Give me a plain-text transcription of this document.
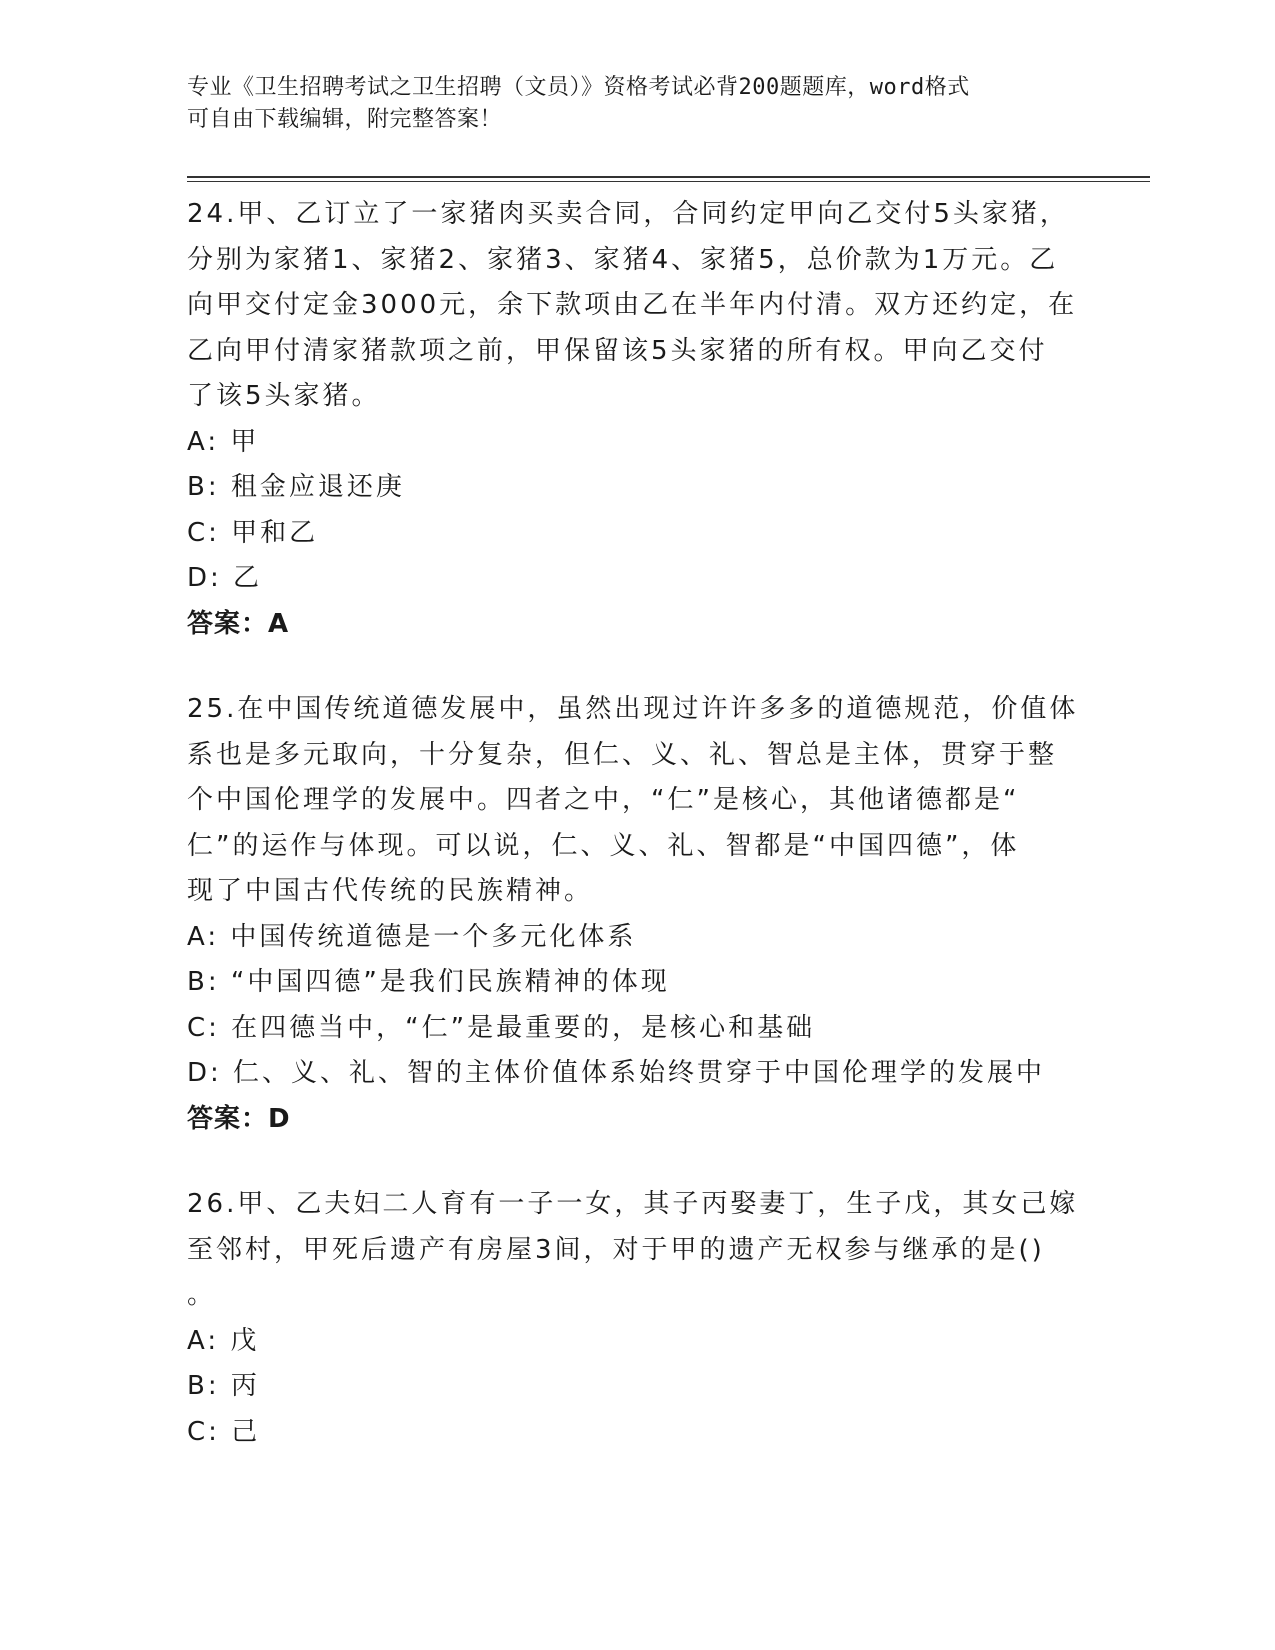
专业《卫生招聘考试之卫生招聘（文员）》资格考试必背200题题库，word格式
可自由下载编辑，附完整答案！

24.甲、乙订立了一家猪肉买卖合同，合同约定甲向乙交付5头家猪，

分别为家猪1、家猪2、家猪3、家猪4、家猪5，总价款为1万元。乙

向甲交付定金3000元，余下款项由乙在半年内付清。双方还约定，在

乙向甲付清家猪款项之前，甲保留该5头家猪的所有权。甲向乙交付

了该5头家猪。

A: 甲

B: 租金应退还庚

C: 甲和乙

D: 乙

答案：A

25.在中国传统道德发展中，虽然出现过许许多多的道德规范，价值体

系也是多元取向，十分复杂，但仁、义、礼、智总是主体，贯穿于整

个中国伦理学的发展中。四者之中，“仁”是核心，其他诸德都是“

仁”的运作与体现。可以说，仁、义、礼、智都是“中国四德”，体

现了中国古代传统的民族精神。

A: 中国传统道德是一个多元化体系

B: “中国四德”是我们民族精神的体现

C: 在四德当中，“仁”是最重要的，是核心和基础

D: 仁、义、礼、智的主体价值体系始终贯穿于中国伦理学的发展中

答案：D

26.甲、乙夫妇二人育有一子一女，其子丙娶妻丁，生子戊，其女己嫁

至邻村，甲死后遗产有房屋3间，对于甲的遗产无权参与继承的是()

。

A: 戊

B: 丙

C: 己
